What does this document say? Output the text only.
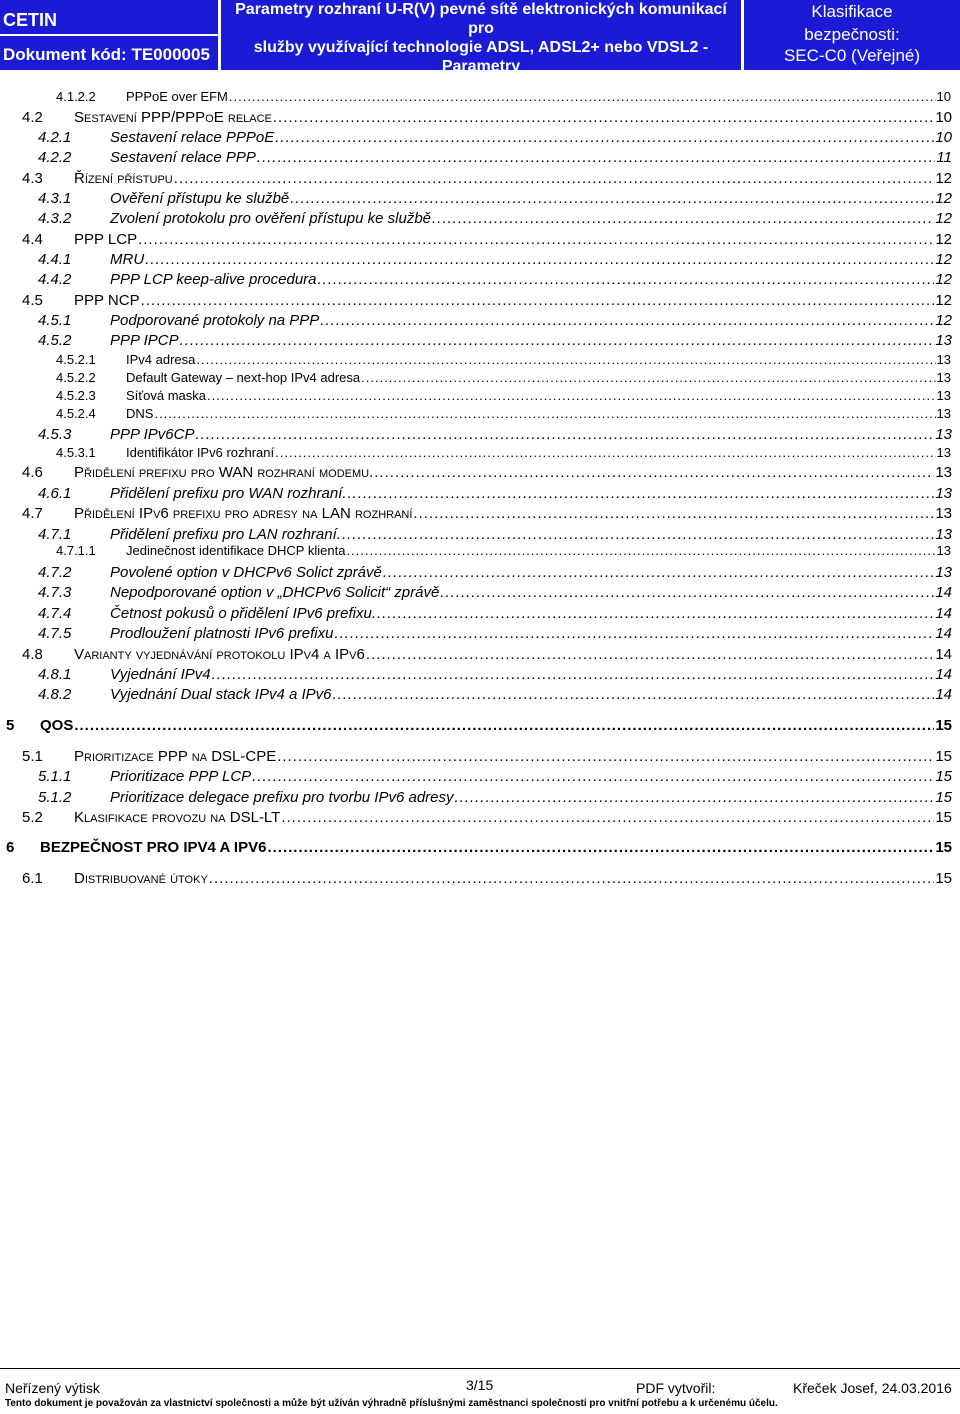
CETIN
Dokument kód: TE000005
Parametry rozhraní U-R(V) pevné sítě elektronických komunikací pro
služby využívající technologie ADSL, ADSL2+ nebo VDSL2 - Parametry
vyšších vrstev
Klasifikace
bezpečnosti:
SEC-C0 (Veřejné)
4.1.2.2	PPPoE over EFM .....	10
4.2	Sestavení PPP/PPPoE relace .....	10
4.2.1	Sestavení relace PPPoE .....	10
4.2.2	Sestavení relace PPP .....	11
4.3	Řízení přístupu .....	12
4.3.1	Ověření přístupu ke službě .....	12
4.3.2	Zvolení protokolu pro ověření přístupu ke službě .....	12
4.4	PPP LCP .....	12
4.4.1	MRU .....	12
4.4.2	PPP LCP keep-alive procedura .....	12
4.5	PPP NCP .....	12
4.5.1	Podporované protokoly na PPP .....	12
4.5.2	PPP IPCP .....	13
4.5.2.1	IPv4 adresa .....	13
4.5.2.2	Default Gateway – next-hop IPv4 adresa .....	13
4.5.2.3	Síťová maska .....	13
4.5.2.4	DNS .....	13
4.5.3	PPP IPv6CP .....	13
4.5.3.1	Identifikátor IPv6 rozhraní .....	13
4.6	Přidělení prefixu pro WAN rozhraní modemu. .....	13
4.6.1	Přidělení prefixu pro WAN rozhraní. .....	13
4.7	Přidělení IPv6 prefixu pro adresy na LAN rozhraní .....	13
4.7.1	Přidělení prefixu pro LAN rozhraní. .....	13
4.7.1.1	Jedinečnost identifikace DHCP klienta .....	13
4.7.2	Povolené option v DHCPv6 Solict zprávě .....	13
4.7.3	Nepodporované option v „DHCPv6 Solicit“ zprávě .....	14
4.7.4	Četnost pokusů o přidělení IPv6 prefixu. .....	14
4.7.5	Prodloužení platnosti IPv6 prefixu .....	14
4.8	Varianty vyjednávání protokolu IPv4 a IPv6 .....	14
4.8.1	Vyjednání IPv4 .....	14
4.8.2	Vyjednání Dual stack IPv4 a IPv6 .....	14
5	QOS .....	15
5.1	Prioritizace PPP na DSL-CPE .....	15
5.1.1	Prioritizace PPP LCP .....	15
5.1.2	Prioritizace delegace prefixu pro tvorbu IPv6 adresy .....	15
5.2	Klasifikace provozu na DSL-LT .....	15
6	BEZPEČNOST PRO IPV4 A IPV6 .....	15
6.1	Distribuované útoky .....	15
Neřízený výtisk	3/15	PDF vytvořil:	Křeček Josef, 24.03.2016
Tento dokument je považován za vlastnictví společnosti a může být užíván výhradně příslušnými zaměstnanci společnosti pro vnitřní potřebu a k určenému účelu.
